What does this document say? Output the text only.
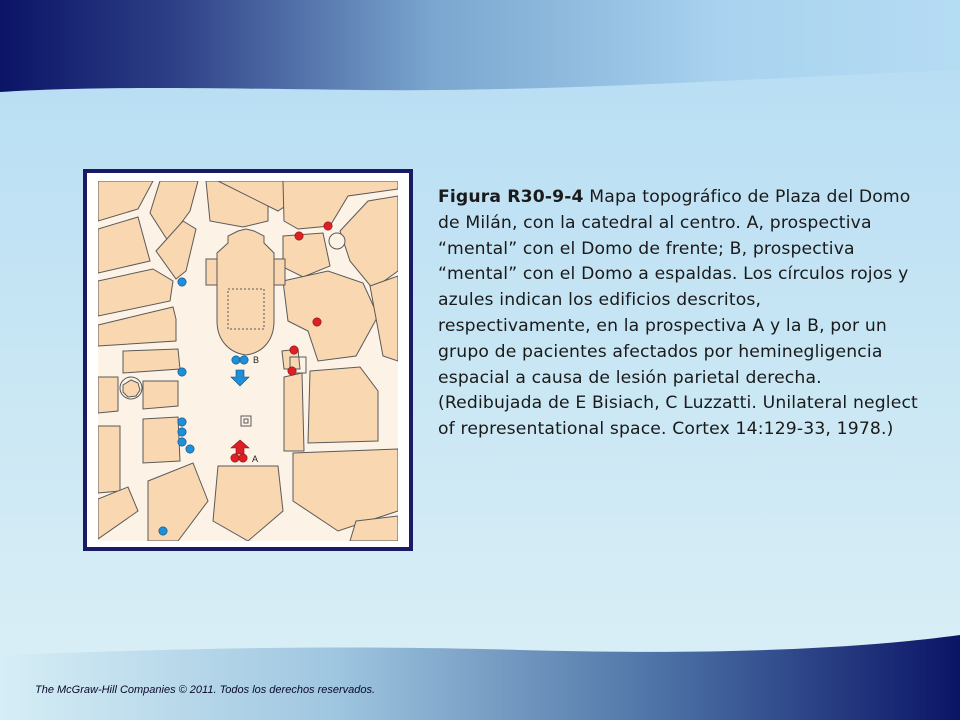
B
A
Figura R30-9-4 Mapa topográfico de Plaza del Domo de Milán, con la catedral al centro. A, prospectiva “mental” con el Domo de frente; B, prospectiva “mental” con el Domo a espaldas. Los círculos rojos y azules indican los edificios descritos, respectivamente, en la prospectiva A y la B, por un grupo de pacientes afectados por heminegligencia espacial a causa de lesión parietal derecha. (Redibujada de E Bisiach, C Luzzatti. Unilateral neglect of representational space. Cortex 14:129-33, 1978.)
The McGraw-Hill Companies © 2011. Todos los derechos reservados.
